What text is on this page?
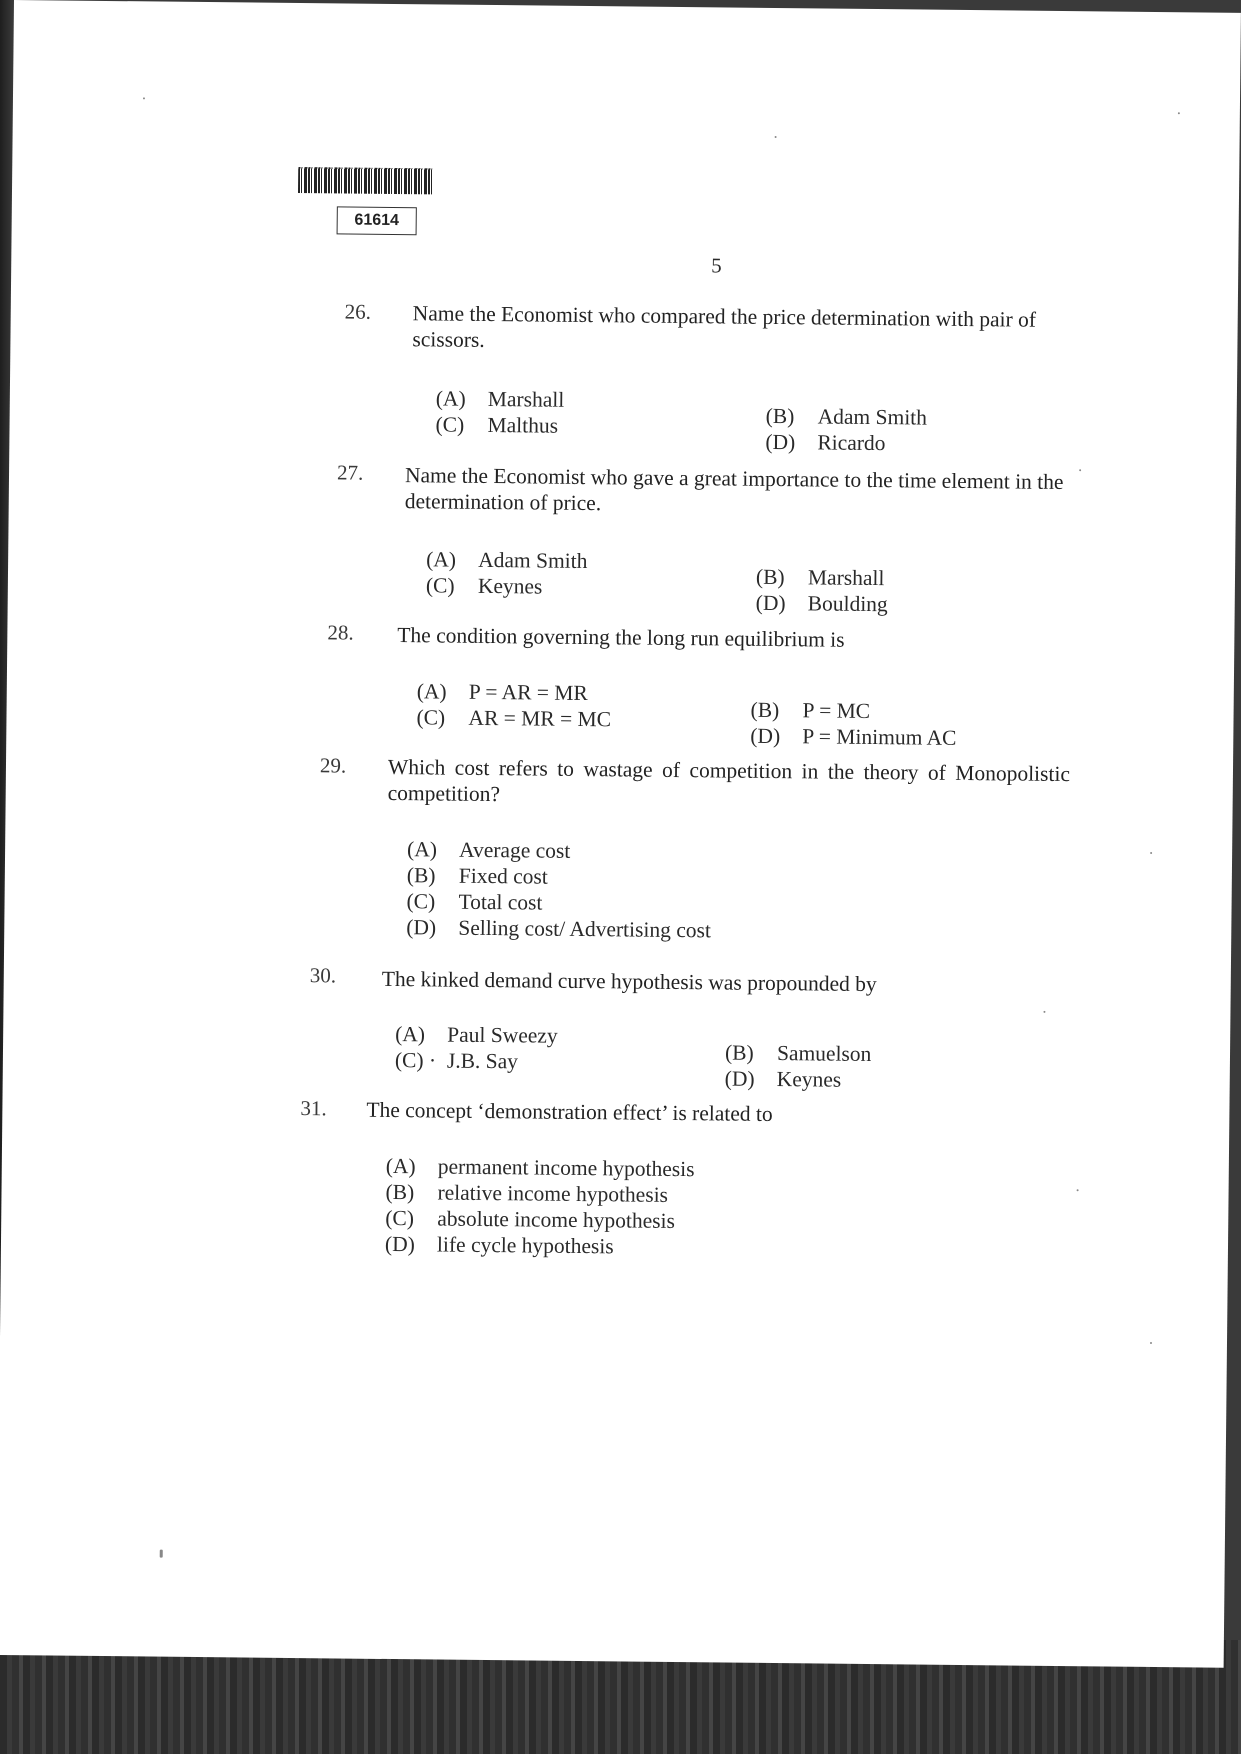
61614
5
26. Name the Economist who compared the price determination with pair of scissors.
(A) Marshall
(B) Adam Smith
(C) Malthus
(D) Ricardo
27. Name the Economist who gave a great importance to the time element in the determination of price.
(A) Adam Smith
(B) Marshall
(C) Keynes
(D) Boulding
28. The condition governing the long run equilibrium is
(A) P = AR = MR
(B) P = MC
(C) AR = MR = MC
(D) P = Minimum AC
29. Which cost refers to wastage of competition in the theory of Monopolistic competition?
(A) Average cost
(B) Fixed cost
(C) Total cost
(D) Selling cost/ Advertising cost
30. The kinked demand curve hypothesis was propounded by
(A) Paul Sweezy
(B) Samuelson
(C) · J.B. Say
(D) Keynes
31. The concept ‘demonstration effect’ is related to
(A) permanent income hypothesis
(B) relative income hypothesis
(C) absolute income hypothesis
(D) life cycle hypothesis
